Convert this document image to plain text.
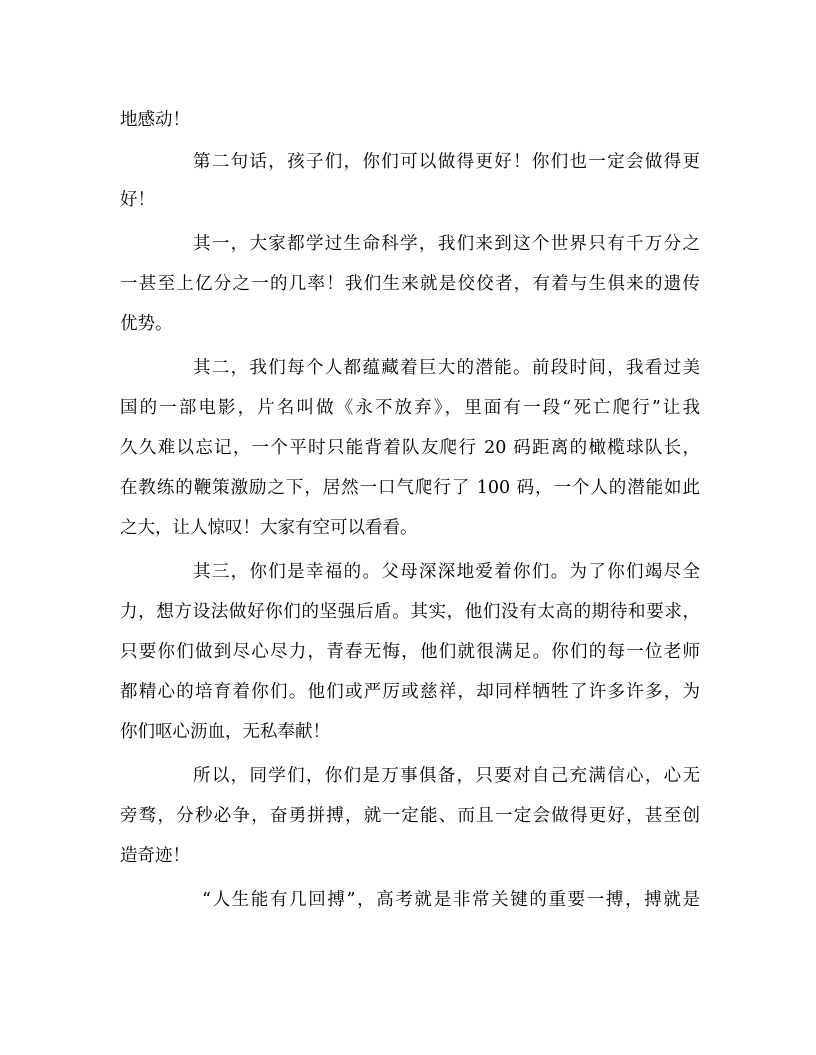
地感动！
第二句话，孩子们，你们可以做得更好！你们也一定会做得更
好！
其一，大家都学过生命科学，我们来到这个世界只有千万分之
一甚至上亿分之一的几率！我们生来就是佼佼者，有着与生俱来的遗传
优势。
其二，我们每个人都蕴藏着巨大的潜能。前段时间，我看过美
国的一部电影，片名叫做《永不放弃》，里面有一段“死亡爬行”让我
久久难以忘记，一个平时只能背着队友爬行 20 码距离的橄榄球队长，
在教练的鞭策激励之下，居然一口气爬行了 100 码，一个人的潜能如此
之大，让人惊叹！大家有空可以看看。
其三，你们是幸福的。父母深深地爱着你们。为了你们竭尽全
力，想方设法做好你们的坚强后盾。其实，他们没有太高的期待和要求，
只要你们做到尽心尽力，青春无悔，他们就很满足。你们的每一位老师
都精心的培育着你们。他们或严厉或慈祥，却同样牺牲了许多许多，为
你们呕心沥血，无私奉献！
所以，同学们，你们是万事俱备，只要对自己充满信心，心无
旁骛，分秒必争，奋勇拼搏，就一定能、而且一定会做得更好，甚至创
造奇迹！
“人生能有几回搏”，高考就是非常关键的重要一搏，搏就是
